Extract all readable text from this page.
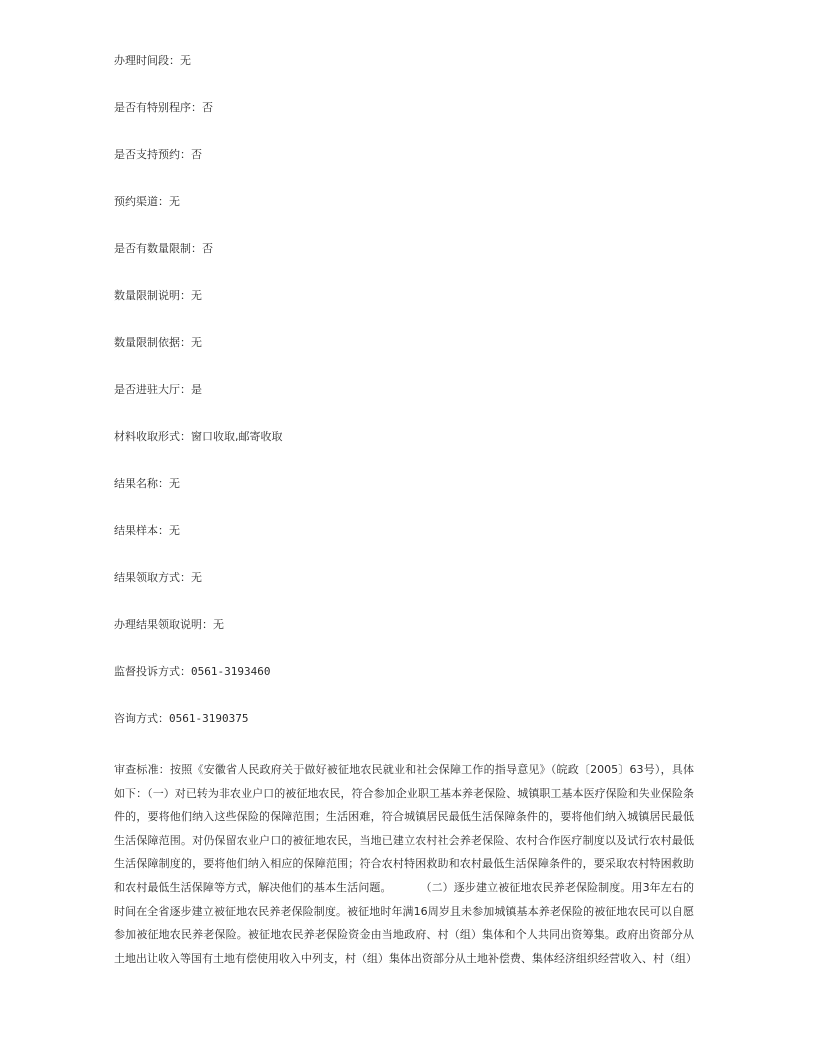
办理时间段：无
是否有特别程序：否
是否支持预约：否
预约渠道：无
是否有数量限制：否
数量限制说明：无
数量限制依据：无
是否进驻大厅：是
材料收取形式：窗口收取,邮寄收取
结果名称：无
结果样本：无
结果领取方式：无
办理结果领取说明：无
监督投诉方式：0561-3193460
咨询方式：0561-3190375
审查标准：按照《安徽省人民政府关于做好被征地农民就业和社会保障工作的指导意见》（皖政〔2005〕63号），具体如下：（一）对已转为非农业户口的被征地农民，符合参加企业职工基本养老保险、城镇职工基本医疗保险和失业保险条件的，要将他们纳入这些保险的保障范围；生活困难，符合城镇居民最低生活保障条件的，要将他们纳入城镇居民最低生活保障范围。对仍保留农业户口的被征地农民，当地已建立农村社会养老保险、农村合作医疗制度以及试行农村最低生活保障制度的，要将他们纳入相应的保障范围；符合农村特困救助和农村最低生活保障条件的，要采取农村特困救助和农村最低生活保障等方式，解决他们的基本生活问题。        （二）逐步建立被征地农民养老保险制度。用3年左右的时间在全省逐步建立被征地农民养老保险制度。被征地时年满16周岁且未参加城镇基本养老保险的被征地农民可以自愿参加被征地农民养老保险。被征地农民养老保险资金由当地政府、村（组）集体和个人共同出资筹集。政府出资部分从土地出让收入等国有土地有偿使用收入中列支，村（组）集体出资部分从土地补偿费、集体经济组织经营收入、村（组）
